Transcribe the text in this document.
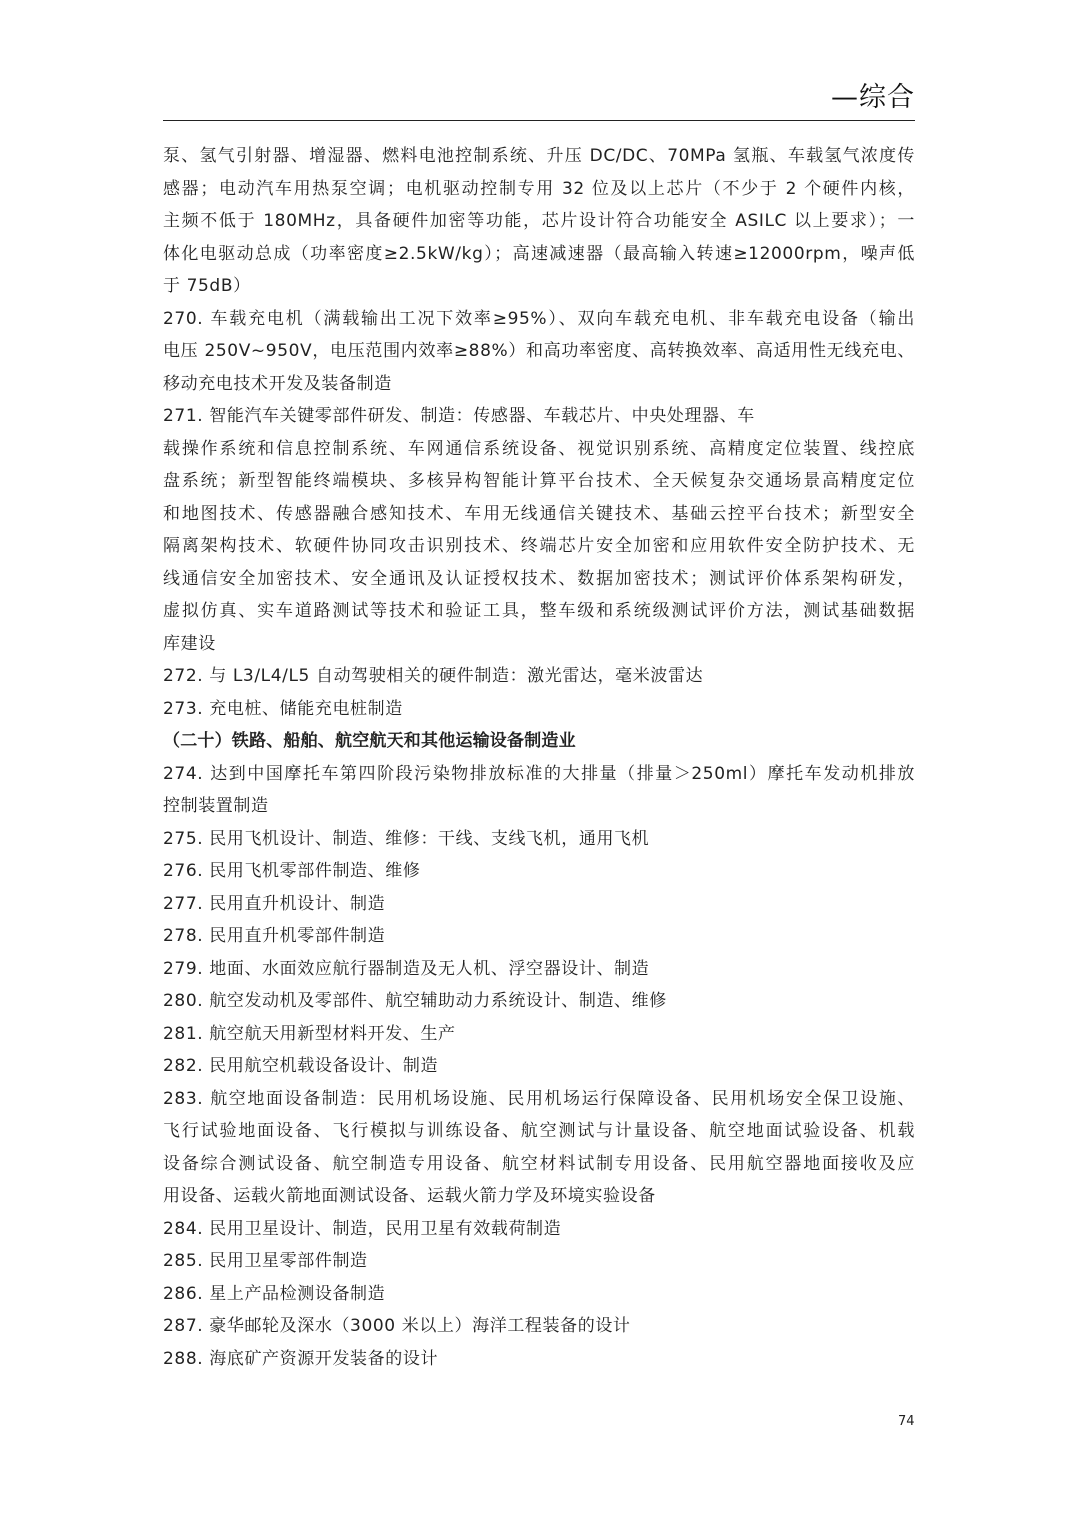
—综合
泵、氢气引射器、增湿器、燃料电池控制系统、升压 DC/DC、70MPa 氢瓶、车载氢气浓度传
感器；电动汽车用热泵空调；电机驱动控制专用 32 位及以上芯片（不少于 2 个硬件内核，
主频不低于 180MHz，具备硬件加密等功能，芯片设计符合功能安全 ASILC 以上要求）；一
体化电驱动总成（功率密度≥2.5kW/kg）；高速减速器（最高输入转速≥12000rpm，噪声低
于 75dB）
270. 车载充电机（满载输出工况下效率≥95%）、双向车载充电机、非车载充电设备（输出
电压 250V~950V，电压范围内效率≥88%）和高功率密度、高转换效率、高适用性无线充电、
移动充电技术开发及装备制造
271. 智能汽车关键零部件研发、制造：传感器、车载芯片、中央处理器、车
载操作系统和信息控制系统、车网通信系统设备、视觉识别系统、高精度定位装置、线控底
盘系统；新型智能终端模块、多核异构智能计算平台技术、全天候复杂交通场景高精度定位
和地图技术、传感器融合感知技术、车用无线通信关键技术、基础云控平台技术；新型安全
隔离架构技术、软硬件协同攻击识别技术、终端芯片安全加密和应用软件安全防护技术、无
线通信安全加密技术、安全通讯及认证授权技术、数据加密技术；测试评价体系架构研发，
虚拟仿真、实车道路测试等技术和验证工具，整车级和系统级测试评价方法，测试基础数据
库建设
272. 与 L3/L4/L5 自动驾驶相关的硬件制造：激光雷达，毫米波雷达
273. 充电桩、储能充电桩制造
（二十）铁路、船舶、航空航天和其他运输设备制造业
274. 达到中国摩托车第四阶段污染物排放标准的大排量（排量＞250ml）摩托车发动机排放
控制装置制造
275. 民用飞机设计、制造、维修：干线、支线飞机，通用飞机
276. 民用飞机零部件制造、维修
277. 民用直升机设计、制造
278. 民用直升机零部件制造
279. 地面、水面效应航行器制造及无人机、浮空器设计、制造
280. 航空发动机及零部件、航空辅助动力系统设计、制造、维修
281. 航空航天用新型材料开发、生产
282. 民用航空机载设备设计、制造
283. 航空地面设备制造：民用机场设施、民用机场运行保障设备、民用机场安全保卫设施、
飞行试验地面设备、飞行模拟与训练设备、航空测试与计量设备、航空地面试验设备、机载
设备综合测试设备、航空制造专用设备、航空材料试制专用设备、民用航空器地面接收及应
用设备、运载火箭地面测试设备、运载火箭力学及环境实验设备
284. 民用卫星设计、制造，民用卫星有效载荷制造
285. 民用卫星零部件制造
286. 星上产品检测设备制造
287. 豪华邮轮及深水（3000 米以上）海洋工程装备的设计
288. 海底矿产资源开发装备的设计
74
